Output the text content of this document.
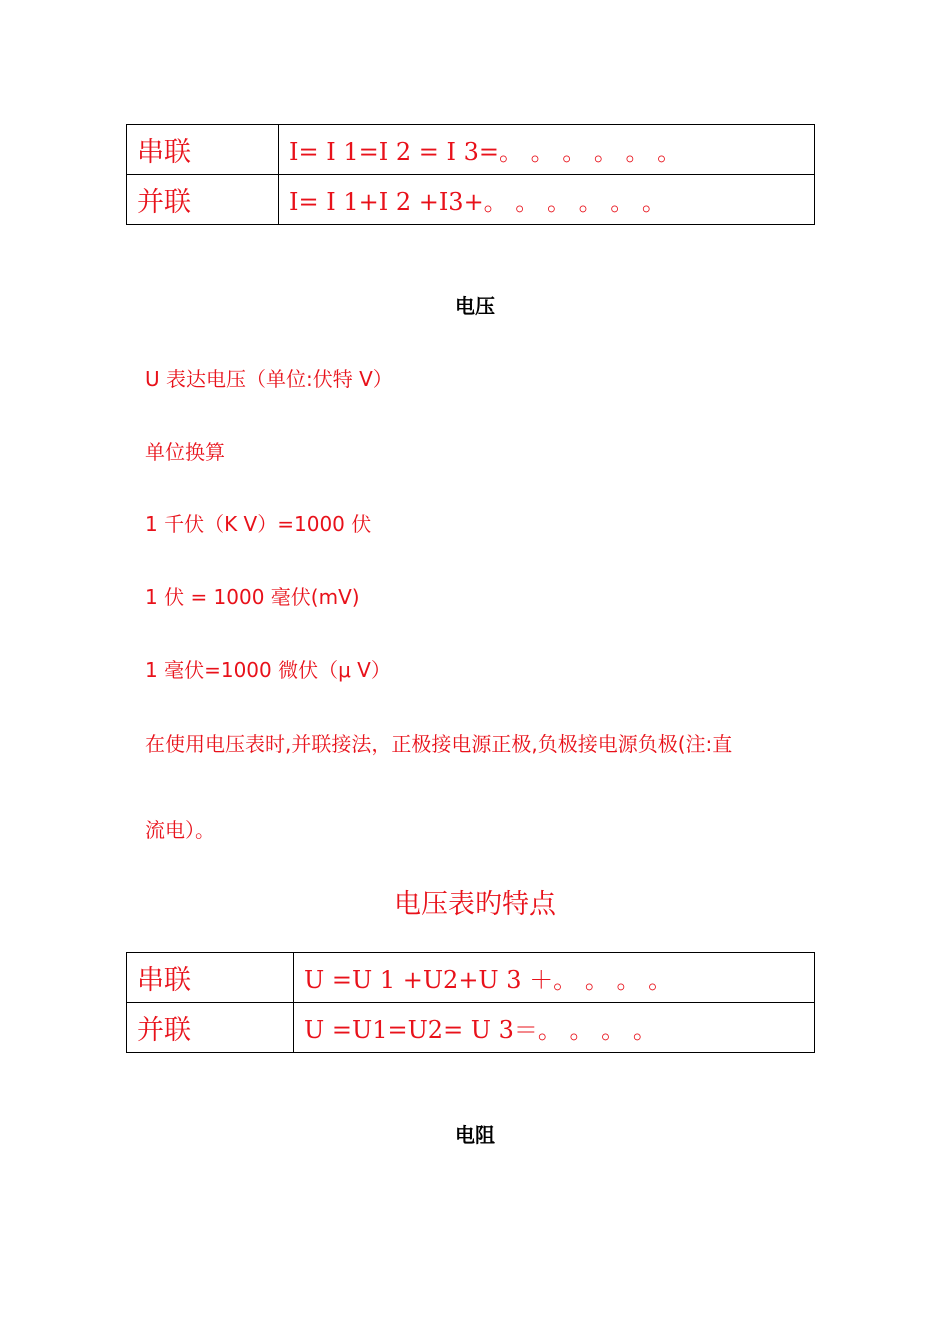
串联	I= I 1=I 2 = I 3=。 。 。 。 。 。
并联	I= I 1+I 2 +I3+。 。 。 。 。 。
电压
U 表达电压（单位:伏特 V）
单位换算
1 千伏（K V）=1000 伏
1 伏 = 1000 毫伏(mV)
1 毫伏=1000 微伏（μ V）
在使用电压表时,并联接法，正极接电源正极,负极接电源负极(注:直
流电）。
电压表旳特点
串联	U =U 1 +U2+U 3 ＋。 。 。 。
并联	U =U1=U2= U 3＝。 。 。 。
电阻
